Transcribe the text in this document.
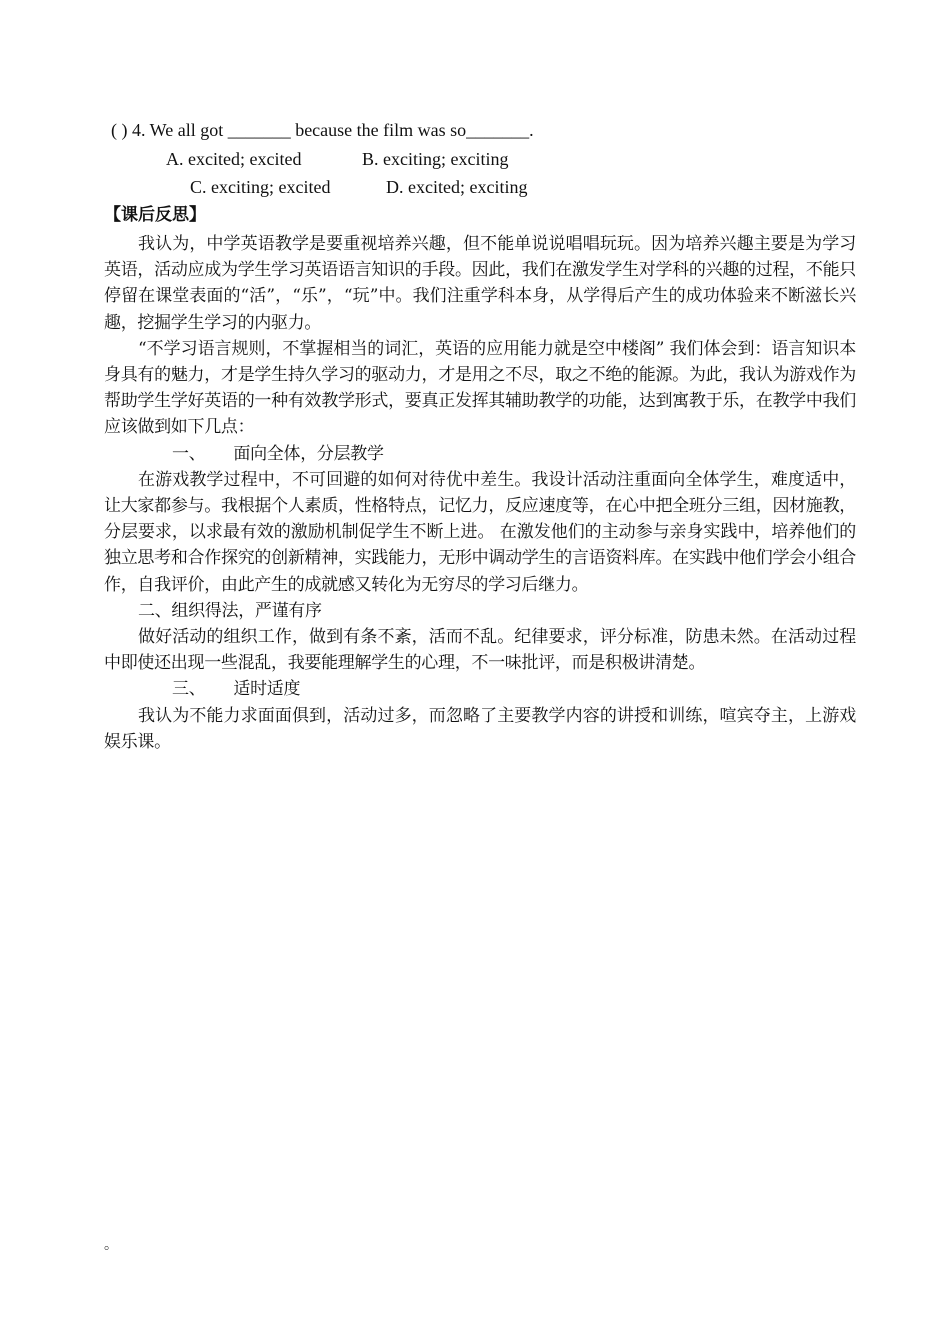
( ) 4. We all got _______ because the film was so_______.
A. excited; excited	B. exciting; exciting
C. exciting; excited	D. excited; exciting
【课后反思】

我认为，中学英语教学是要重视培养兴趣，但不能单说说唱唱玩玩。因为培养兴趣主要是为学习英语，活动应成为学生学习英语语言知识的手段。因此，我们在激发学生对学科的兴趣的过程，不能只停留在课堂表面的“活”，“乐”，“玩”中。我们注重学科本身，从学得后产生的成功体验来不断滋长兴趣，挖掘学生学习的内驱力。

“不学习语言规则，不掌握相当的词汇，英语的应用能力就是空中楼阁” 我们体会到：语言知识本身具有的魅力，才是学生持久学习的驱动力，才是用之不尽，取之不绝的能源。为此，我认为游戏作为帮助学生学好英语的一种有效教学形式，要真正发挥其辅助教学的功能，达到寓教于乐，在教学中我们应该做到如下几点：

一、 面向全体，分层教学

在游戏教学过程中，不可回避的如何对待优中差生。我设计活动注重面向全体学生，难度适中，让大家都参与。我根据个人素质，性格特点，记忆力，反应速度等，在心中把全班分三组，因材施教，分层要求，以求最有效的激励机制促学生不断上进。 在激发他们的主动参与亲身实践中，培养他们的独立思考和合作探究的创新精神，实践能力，无形中调动学生的言语资料库。在实践中他们学会小组合作，自我评价，由此产生的成就感又转化为无穷尽的学习后继力。

二、组织得法，严谨有序

做好活动的组织工作，做到有条不紊，活而不乱。纪律要求，评分标准，防患未然。在活动过程中即使还出现一些混乱，我要能理解学生的心理，不一味批评，而是积极讲清楚。

三、 适时适度

我认为不能力求面面俱到，活动过多，而忽略了主要教学内容的讲授和训练，喧宾夺主，上游戏娱乐课。

。
